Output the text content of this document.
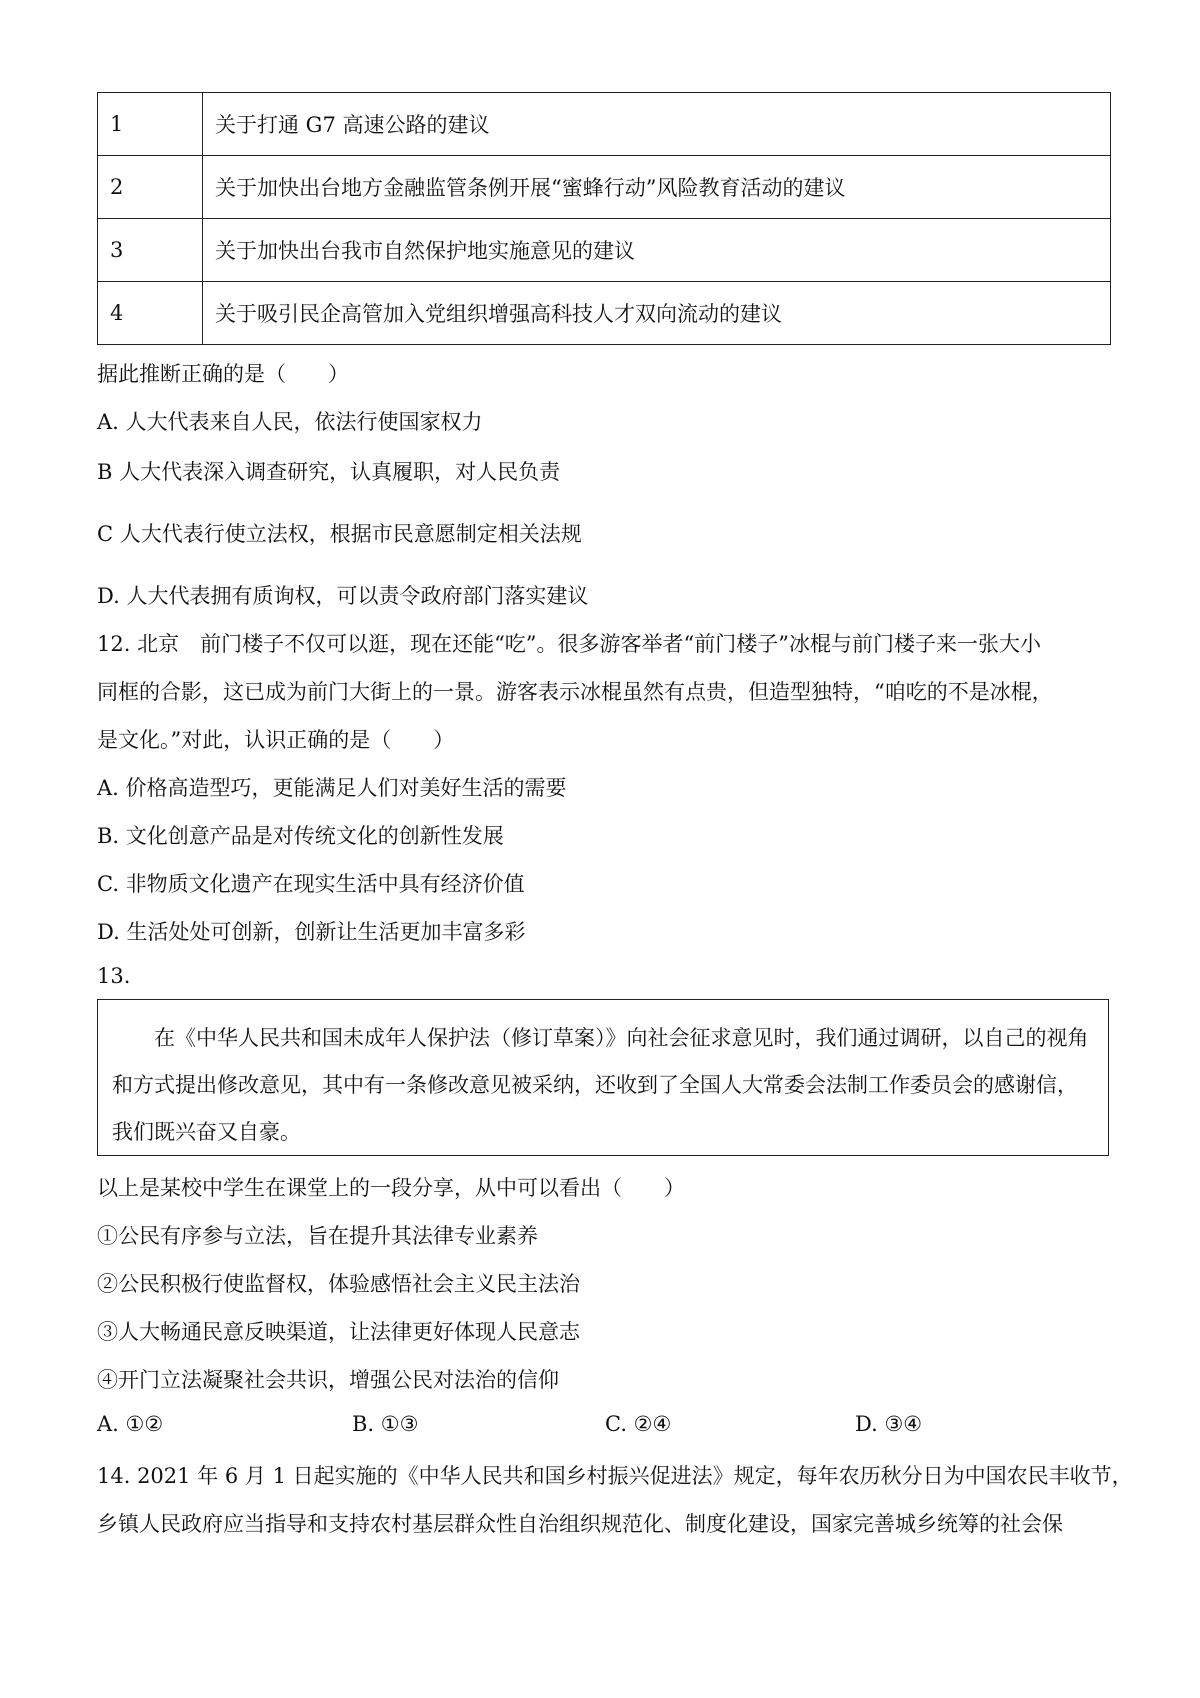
1	关于打通 G7 高速公路的建议
2	关于加快出台地方金融监管条例开展“蜜蜂行动”风险教育活动的建议
3	关于加快出台我市自然保护地实施意见的建议
4	关于吸引民企高管加入党组织增强高科技人才双向流动的建议
据此推断正确的是（　　）
A. 人大代表来自人民，依法行使国家权力
B 人大代表深入调查研究，认真履职，对人民负责
C 人大代表行使立法权，根据市民意愿制定相关法规
D. 人大代表拥有质询权，可以责令政府部门落实建议
12. 北京　前门楼子不仅可以逛，现在还能“吃”。很多游客举者“前门楼子”冰棍与前门楼子来一张大小
同框的合影，这已成为前门大街上的一景。游客表示冰棍虽然有点贵，但造型独特，“咱吃的不是冰棍，
是文化。”对此，认识正确的是（　　）
A. 价格高造型巧，更能满足人们对美好生活的需要
B. 文化创意产品是对传统文化的创新性发展
C. 非物质文化遗产在现实生活中具有经济价值
D. 生活处处可创新，创新让生活更加丰富多彩
13.

　　在《中华人民共和国未成年人保护法（修订草案）》向社会征求意见时，我们通过调研，以自己的视角

和方式提出修改意见，其中有一条修改意见被采纳，还收到了全国人大常委会法制工作委员会的感谢信，

我们既兴奋又自豪。

以上是某校中学生在课堂上的一段分享，从中可以看出（　　）
①公民有序参与立法，旨在提升其法律专业素养
②公民积极行使监督权，体验感悟社会主义民主法治
③人大畅通民意反映渠道，让法律更好体现人民意志
④开门立法凝聚社会共识，增强公民对法治的信仰
A. ①②	B. ①③	C. ②④	D. ③④
14. 2021 年 6 月 1 日起实施的《中华人民共和国乡村振兴促进法》规定，每年农历秋分日为中国农民丰收节，
乡镇人民政府应当指导和支持农村基层群众性自治组织规范化、制度化建设，国家完善城乡统筹的社会保
